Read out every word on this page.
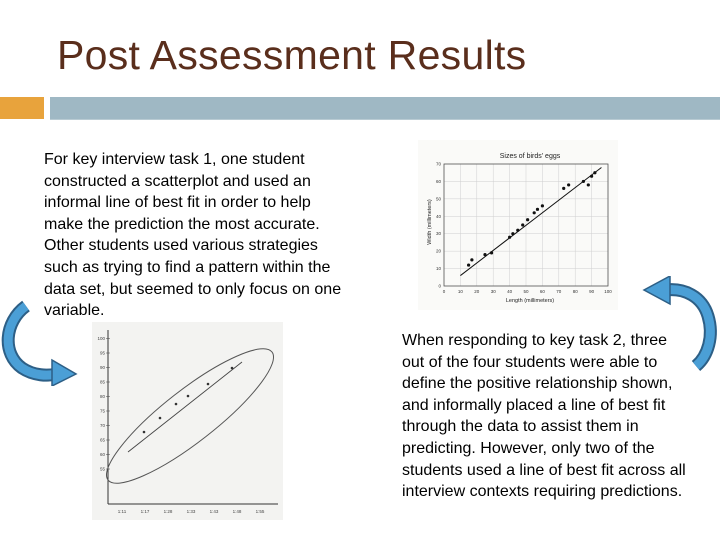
Post Assessment Results
Sizes of birds' eggs
Length (millimeters)
Width (millimeters)
0	10	20	30	40	50	60	70	80	90 100
0
10
20
30
40
50
60
70
100
95
90
85
80
75
70
65
60
55
1:11	1:17	1:28	1:33	1:43	1:48	1:55
For key interview task 1, one student constructed a scatterplot and used an informal line of best fit in order to help make the prediction the most accurate. Other students used various strategies such as trying to find a pattern within the data set, but seemed to only focus on one variable.
When responding to key task 2, three out of the four students were able to define the positive relationship shown, and informally placed a line of best fit through the data to assist them in predicting. However, only two of the students used a line of best fit across all interview contexts requiring predictions.
